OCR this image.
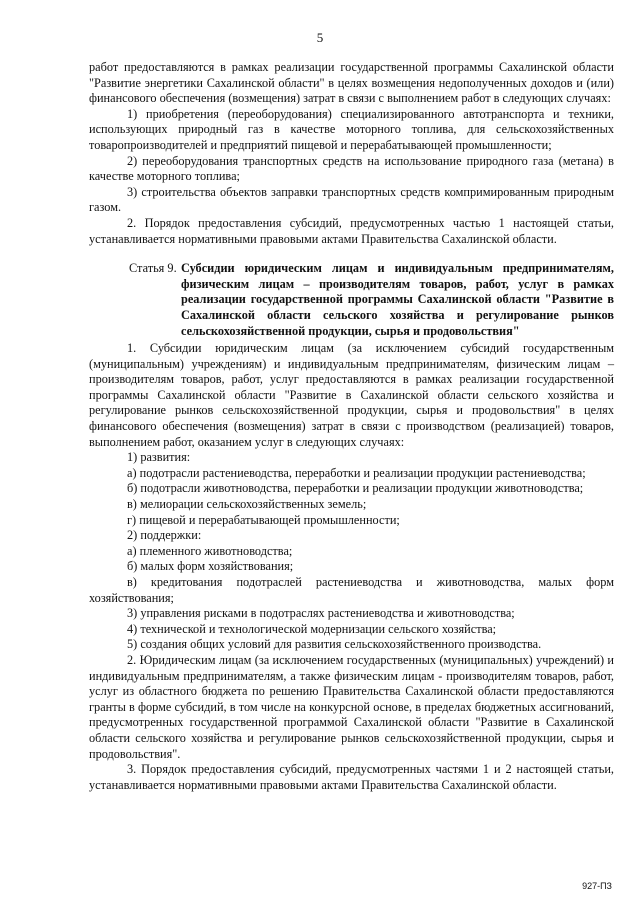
5

работ предоставляются в рамках реализации государственной программы Сахалинской области "Развитие энергетики Сахалинской области" в целях возмещения недополученных доходов и (или) финансового обеспечения (возмещения) затрат в связи с выполнением работ в следующих случаях:

1) приобретения (переоборудования) специализированного автотранспорта и техники, использующих природный газ в качестве моторного топлива, для сельскохозяйственных товаропроизводителей и предприятий пищевой и перерабатывающей промышленности;

2) переоборудования транспортных средств на использование природного газа (метана) в качестве моторного топлива;

3) строительства объектов заправки транспортных средств компримированным природным газом.

2. Порядок предоставления субсидий, предусмотренных частью 1 настоящей статьи, устанавливается нормативными правовыми актами Правительства Сахалинской области.

Статья 9. Субсидии юридическим лицам и индивидуальным предпринимателям, физическим лицам – производителям товаров, работ, услуг в рамках реализации государственной программы Сахалинской области "Развитие в Сахалинской области сельского хозяйства и регулирование рынков сельскохозяйственной продукции, сырья и продовольствия"

1. Субсидии юридическим лицам (за исключением субсидий государственным (муниципальным) учреждениям) и индивидуальным предпринимателям, физическим лицам – производителям товаров, работ, услуг предоставляются в рамках реализации государственной программы Сахалинской области "Развитие в Сахалинской области сельского хозяйства и регулирование рынков сельскохозяйственной продукции, сырья и продовольствия" в целях финансового обеспечения (возмещения) затрат в связи с производством (реализацией) товаров, выполнением работ, оказанием услуг в следующих случаях:

1) развития:

а) подотрасли растениеводства, переработки и реализации продукции растениеводства;

б) подотрасли животноводства, переработки и реализации продукции животноводства;

в) мелиорации сельскохозяйственных земель;

г) пищевой и перерабатывающей промышленности;

2) поддержки:

а) племенного животноводства;

б) малых форм хозяйствования;

в) кредитования подотраслей растениеводства и животноводства, малых форм хозяйствования;

3) управления рисками в подотраслях растениеводства и животноводства;

4) технической и технологической модернизации сельского хозяйства;

5) создания общих условий для развития сельскохозяйственного производства.

2. Юридическим лицам (за исключением государственных (муниципальных) учреждений) и индивидуальным предпринимателям, а также физическим лицам - производителям товаров, работ, услуг из областного бюджета по решению Правительства Сахалинской области предоставляются гранты в форме субсидий, в том числе на конкурсной основе, в пределах бюджетных ассигнований, предусмотренных государственной программой Сахалинской области "Развитие в Сахалинской области сельского хозяйства и регулирование рынков сельскохозяйственной продукции, сырья и продовольствия".

3. Порядок предоставления субсидий, предусмотренных частями 1 и 2 настоящей статьи, устанавливается нормативными правовыми актами Правительства Сахалинской области.

927-ПЗ
